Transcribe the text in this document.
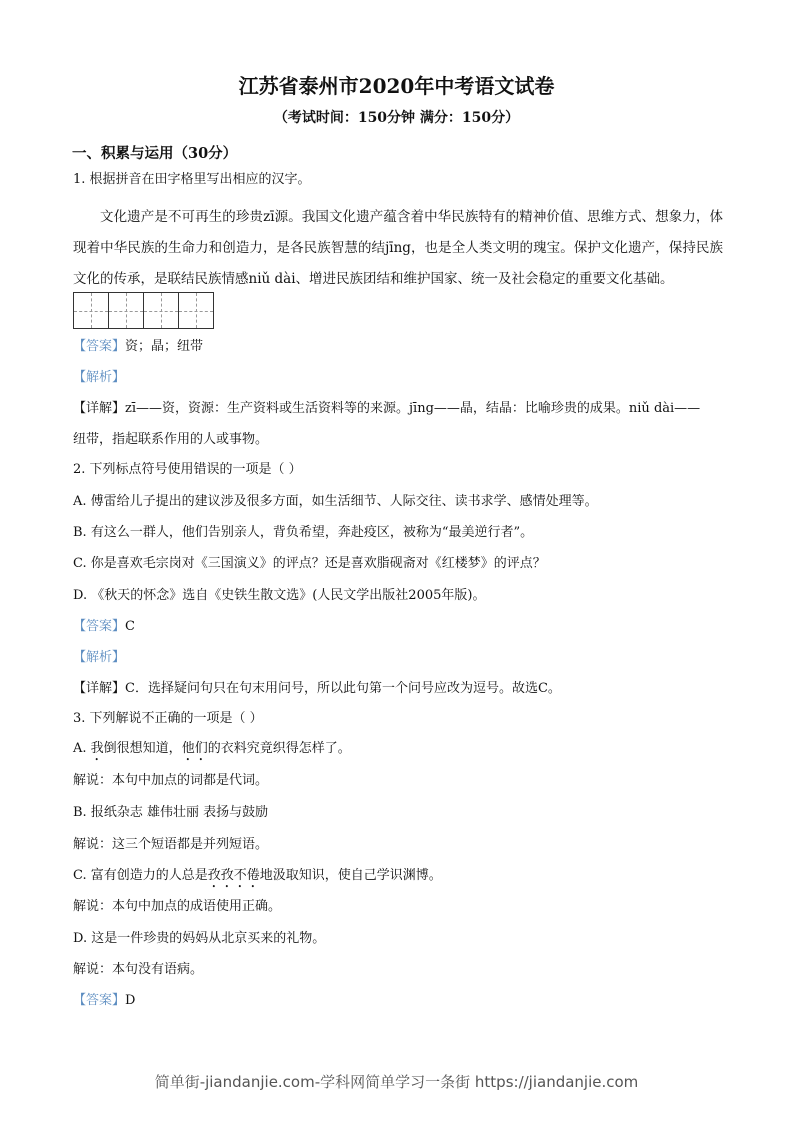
江苏省泰州市2020年中考语文试卷
（考试时间：150分钟 满分：150分）
一、积累与运用（30分）
1. 根据拼音在田字格里写出相应的汉字。
文化遗产是不可再生的珍贵zī源。我国文化遗产蕴含着中华民族特有的精神价值、思维方式、想象力，体现着中华民族的生命力和创造力，是各民族智慧的结jīng，也是全人类文明的瑰宝。保护文化遗产，保持民族文化的传承，是联结民族情感niǔ dài、增进民族团结和维护国家、统一及社会稳定的重要文化基础。
【答案】资；晶；纽带
【解析】
【详解】zī——资，资源：生产资料或生活资料等的来源。jīng——晶，结晶：比喻珍贵的成果。niǔ dài——
纽带，指起联系作用的人或事物。
2. 下列标点符号使用错误的一项是（ ）
A. 傅雷给儿子提出的建议涉及很多方面，如生活细节、人际交往、读书求学、感情处理等。
B. 有这么一群人，他们告别亲人，背负希望，奔赴疫区，被称为“最美逆行者”。
C. 你是喜欢毛宗岗对《三国演义》的评点？还是喜欢脂砚斋对《红楼梦》的评点？
D. 《秋天的怀念》选自《史铁生散文选》(人民文学出版社2005年版)。
【答案】C
【解析】
【详解】C．选择疑问句只在句末用问号，所以此句第一个问号应改为逗号。故选C。
3. 下列解说不正确的一项是（ ）
A. 我倒很想知道，他们的衣料究竟织得怎样了。
解说：本句中加点的词都是代词。
B. 报纸杂志 雄伟壮丽 表扬与鼓励
解说：这三个短语都是并列短语。
C. 富有创造力的人总是孜孜不倦地汲取知识，使自己学识渊博。
解说：本句中加点的成语使用正确。
D. 这是一件珍贵的妈妈从北京买来的礼物。
解说：本句没有语病。
【答案】D
简单街-jiandanjie.com-学科网简单学习一条街 https://jiandanjie.com
